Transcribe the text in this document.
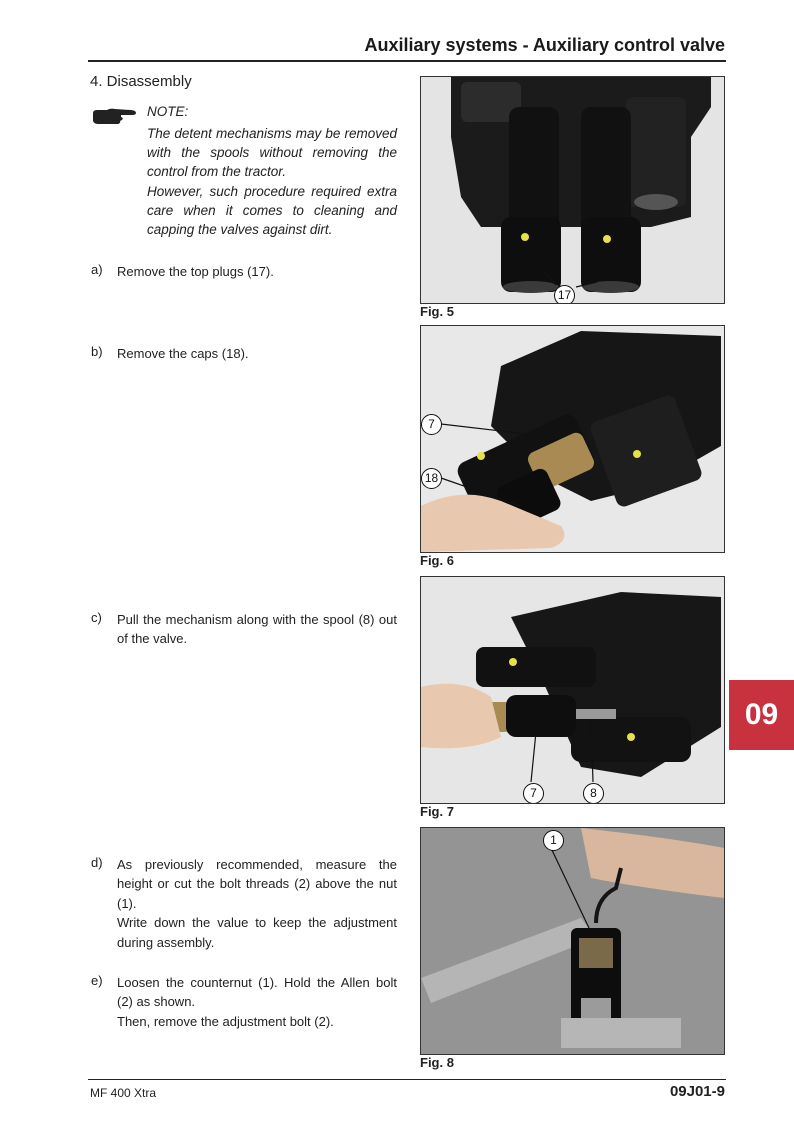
Auxiliary systems - Auxiliary control valve
4. Disassembly
NOTE:

The detent mechanisms may be removed with the spools without removing the control from the tractor.

However, such procedure required extra care when it comes to cleaning and capping the valves against dirt.

a) Remove the top plugs (17).

b) Remove the caps (18).

c) Pull the mechanism along with the spool (8) out of the valve.

d) As previously recommended, measure the height or cut the bolt threads (2) above the nut (1).

Write down the value to keep the adjustment during assembly.

e) Loosen the counternut (1). Hold the Allen bolt (2) as shown.

Then, remove the adjustment bolt (2).

17
Fig. 5
7
18
Fig. 6
7	8
Fig. 7
1
Fig. 8
09
MF 400 Xtra	09J01-9
